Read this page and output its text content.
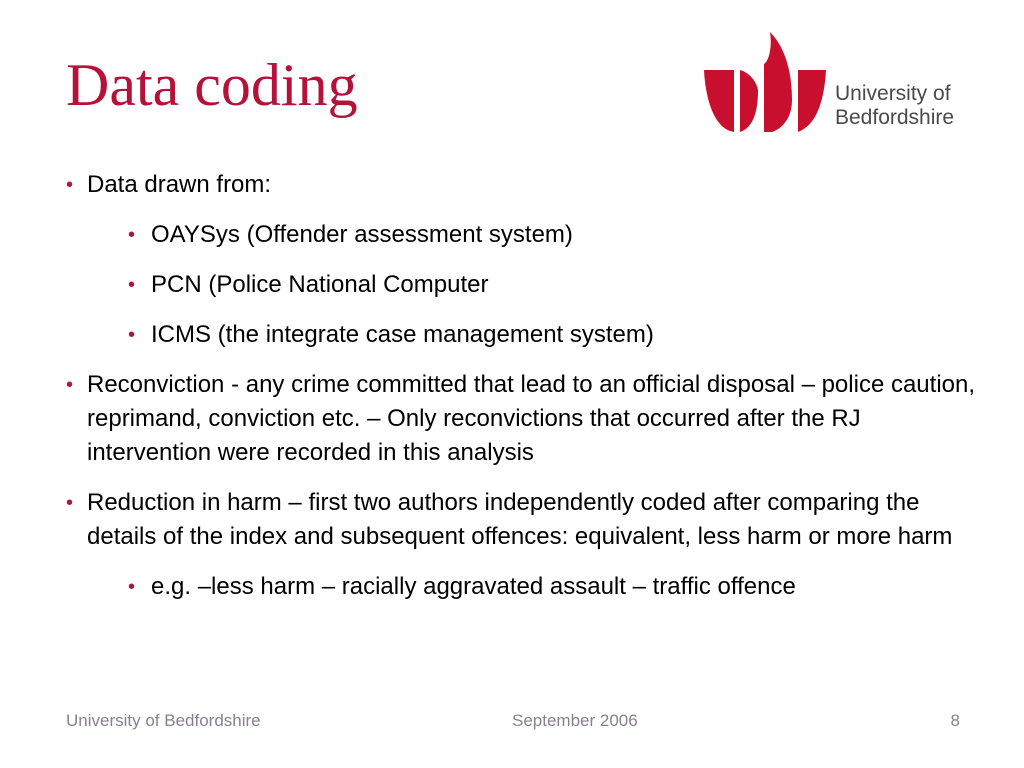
Data coding	University of
Bedfordshire
• Data drawn from:
• OAYSys (Offender assessment system)
• PCN (Police National Computer
• ICMS (the integrate case management system)
• Reconviction - any crime committed that lead to an official disposal – police caution, reprimand, conviction etc. – Only reconvictions that occurred after the RJ intervention were recorded in this analysis
• Reduction in harm – first two authors independently coded after comparing the details of the index and subsequent offences: equivalent, less harm or more harm
• e.g. –less harm – racially aggravated assault – traffic offence
University of Bedfordshire	September 2006	8
